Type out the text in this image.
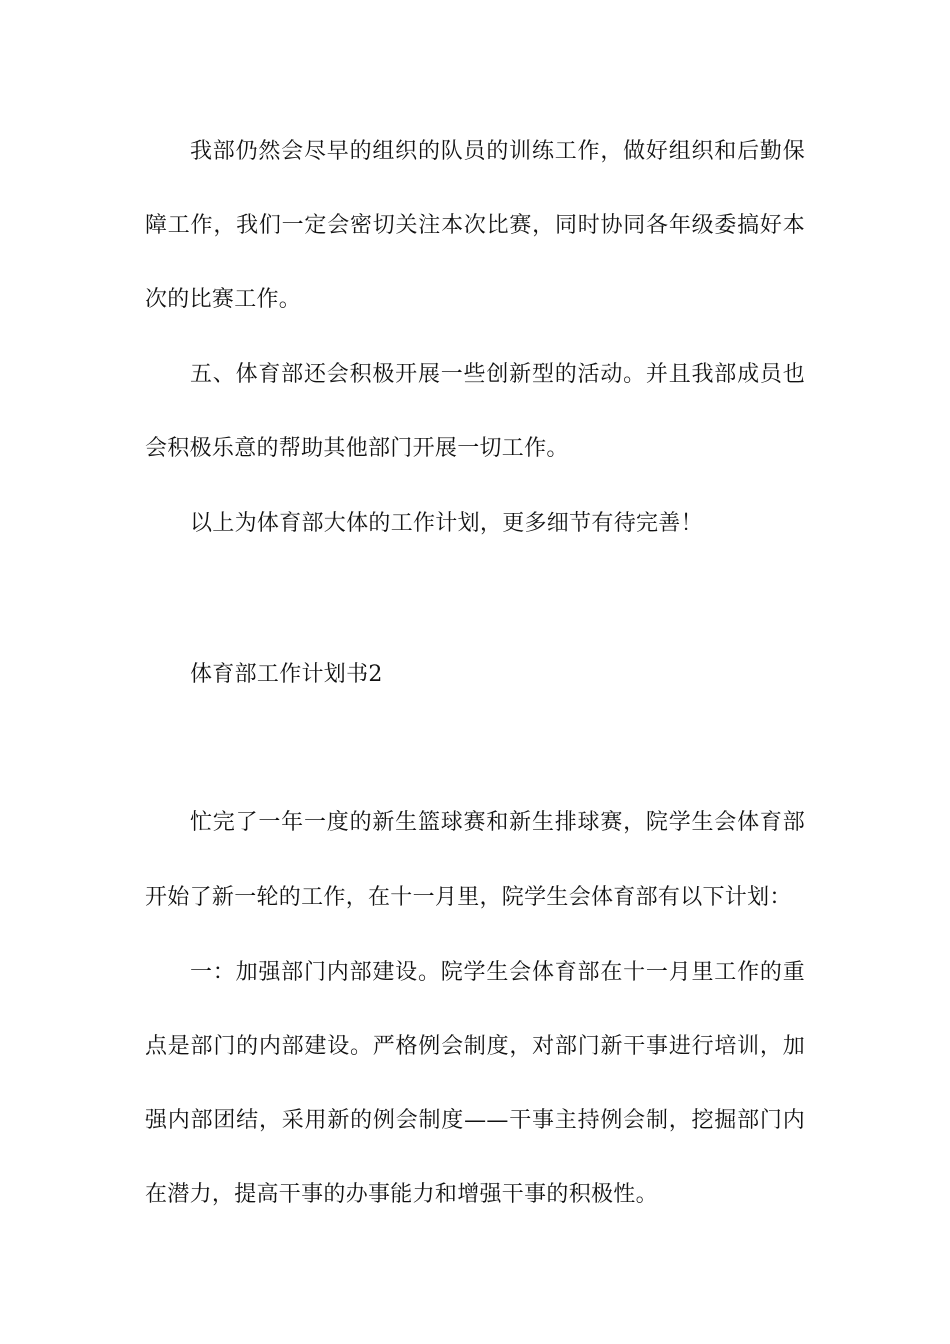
我部仍然会尽早的组织的队员的训练工作，做好组织和后勤保
障工作，我们一定会密切关注本次比赛，同时协同各年级委搞好本
次的比赛工作。
五、体育部还会积极开展一些创新型的活动。并且我部成员也
会积极乐意的帮助其他部门开展一切工作。
以上为体育部大体的工作计划，更多细节有待完善！
体育部工作计划书2
忙完了一年一度的新生篮球赛和新生排球赛，院学生会体育部
开始了新一轮的工作，在十一月里，院学生会体育部有以下计划：
一：加强部门内部建设。院学生会体育部在十一月里工作的重
点是部门的内部建设。严格例会制度，对部门新干事进行培训，加
强内部团结，采用新的例会制度——干事主持例会制，挖掘部门内
在潜力，提高干事的办事能力和增强干事的积极性。
